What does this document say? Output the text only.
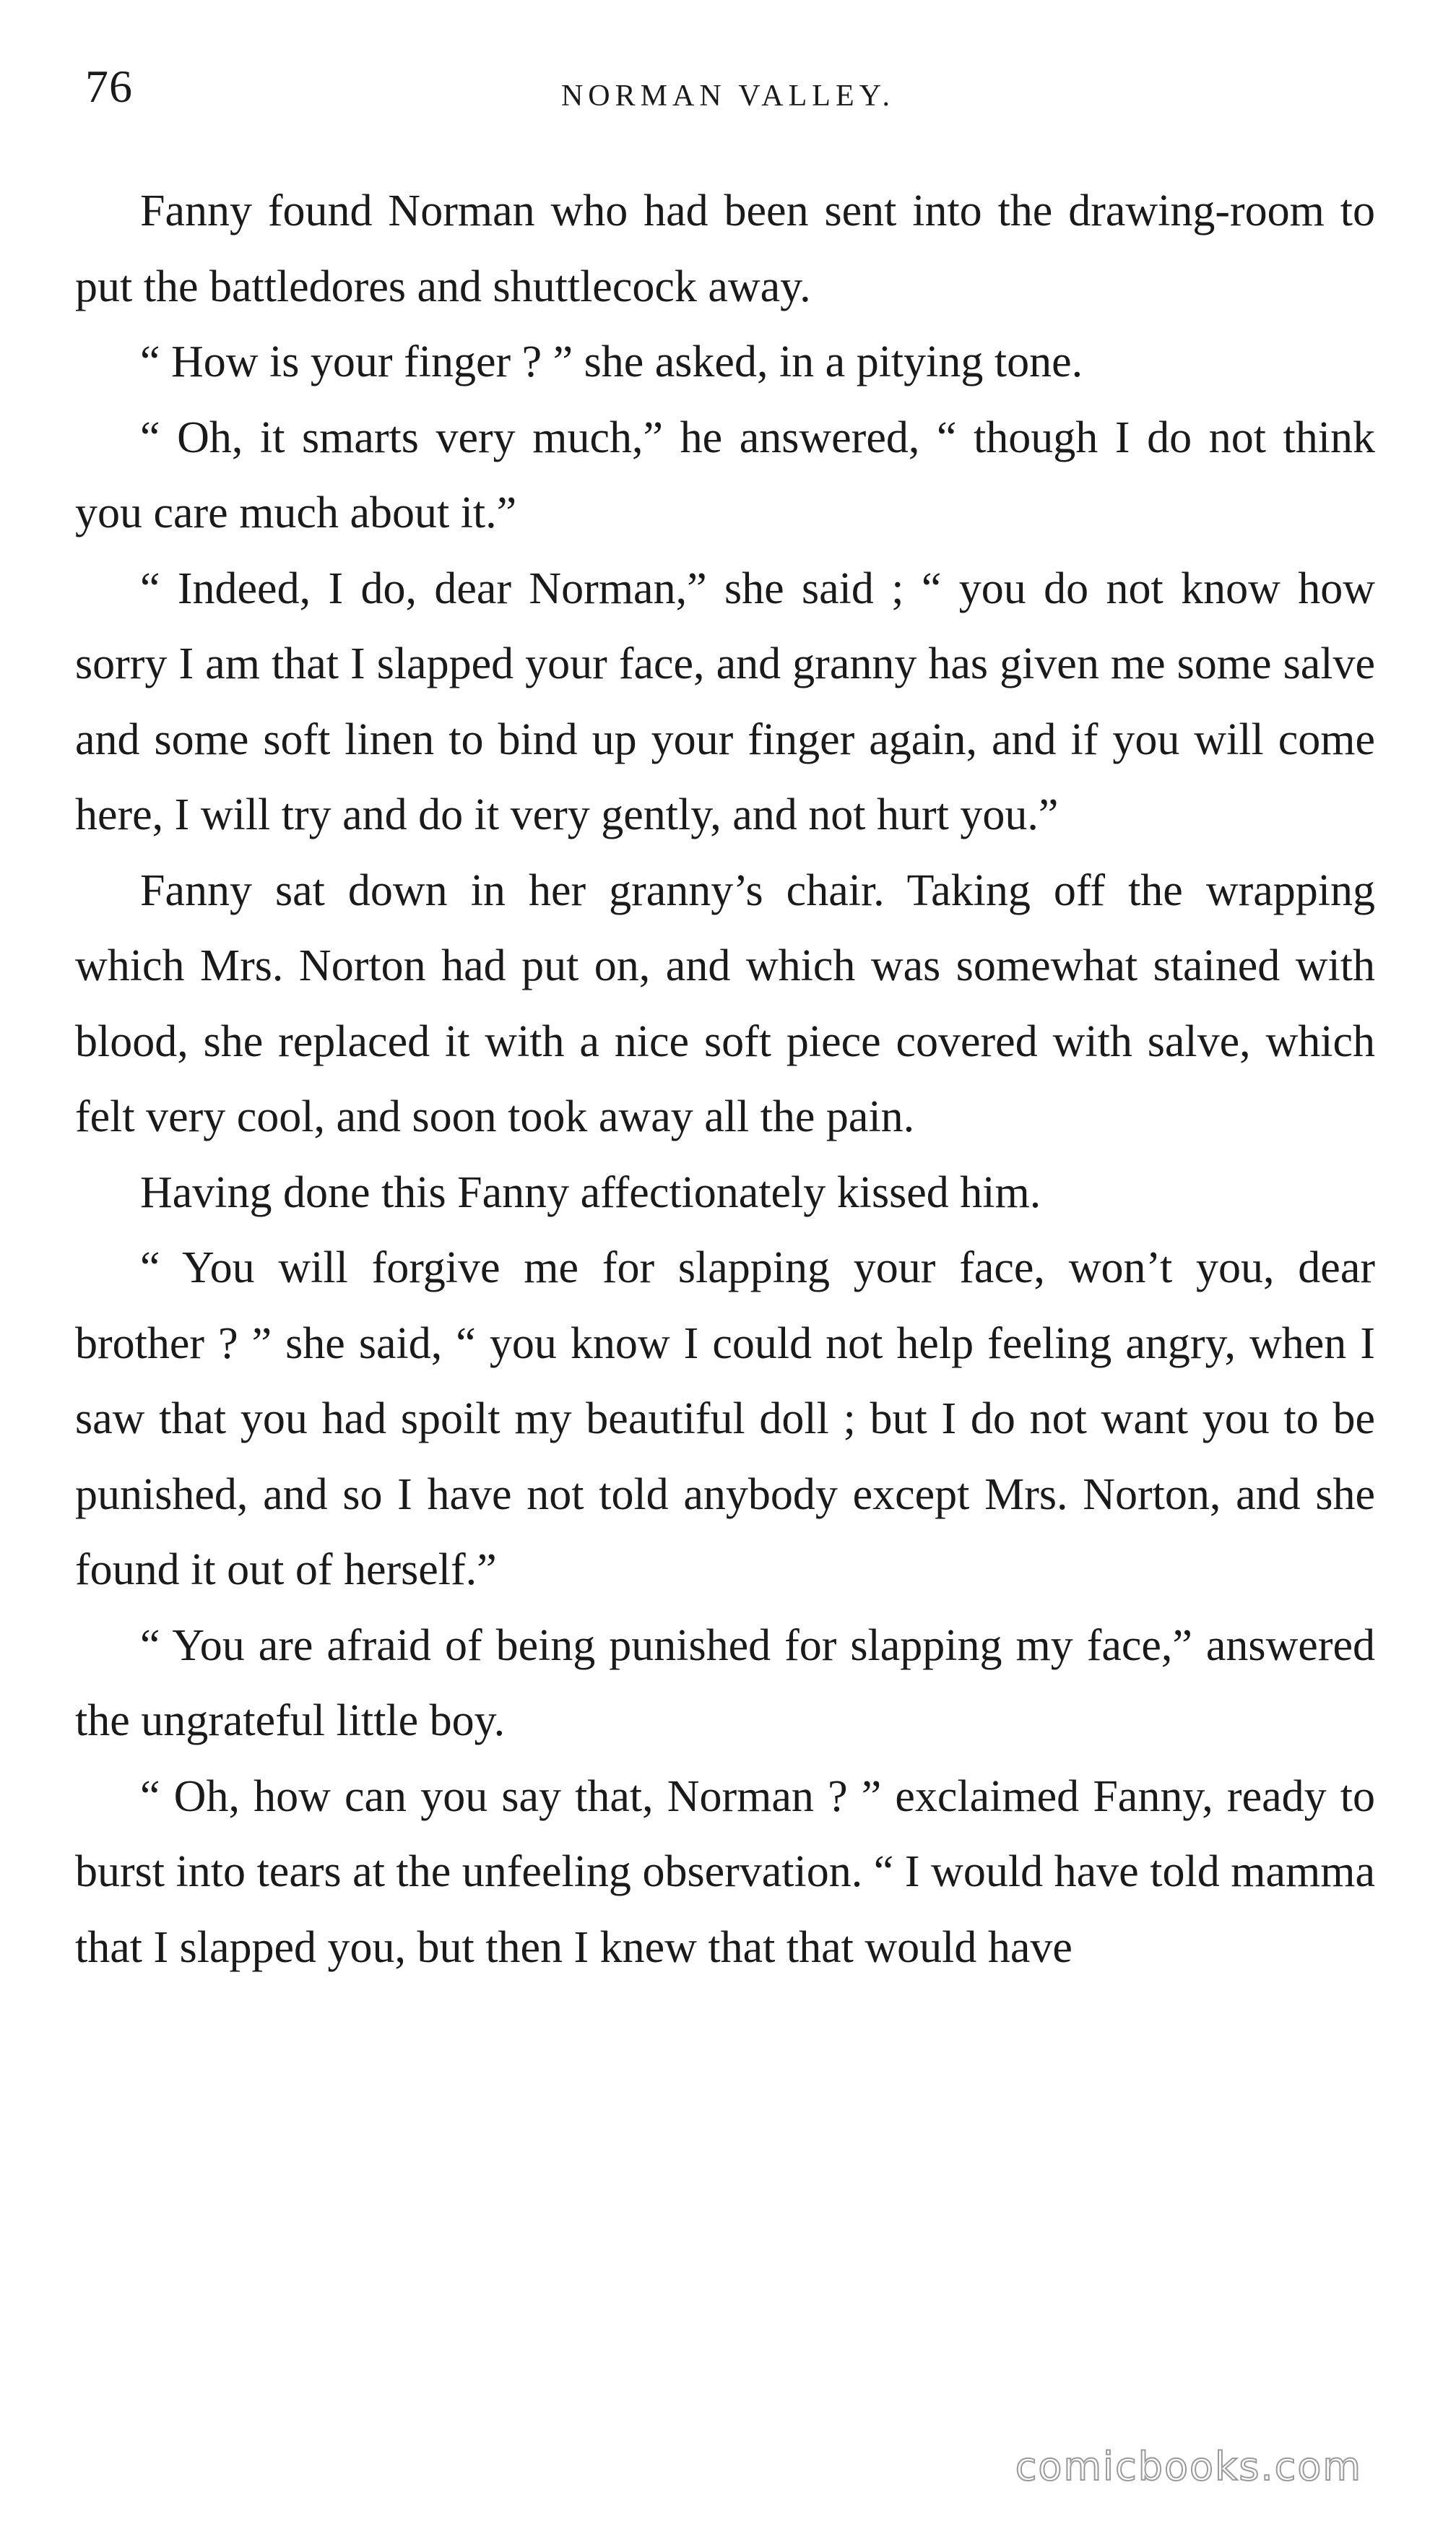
76	NORMAN VALLEY.

Fanny found Norman who had been sent into the drawing-room to put the battledores and shuttlecock away.

“ How is your finger ? ” she asked, in a pitying tone.

“ Oh, it smarts very much,” he answered, “ though I do not think you care much about it.”

“ Indeed, I do, dear Norman,” she said ; “ you do not know how sorry I am that I slapped your face, and granny has given me some salve and some soft linen to bind up your finger again, and if you will come here, I will try and do it very gently, and not hurt you.”

Fanny sat down in her granny’s chair. Taking off the wrapping which Mrs. Norton had put on, and which was somewhat stained with blood, she replaced it with a nice soft piece covered with salve, which felt very cool, and soon took away all the pain.

Having done this Fanny affectionately kissed him.

“ You will forgive me for slapping your face, won’t you, dear brother ? ” she said, “ you know I could not help feeling angry, when I saw that you had spoilt my beautiful doll ; but I do not want you to be punished, and so I have not told anybody except Mrs. Norton, and she found it out of herself.”

“ You are afraid of being punished for slapping my face,” answered the ungrateful little boy.

“ Oh, how can you say that, Norman ? ” exclaimed Fanny, ready to burst into tears at the unfeeling observation. “ I would have told mamma that I slapped you, but then I knew that that would have

comicbooks.com
